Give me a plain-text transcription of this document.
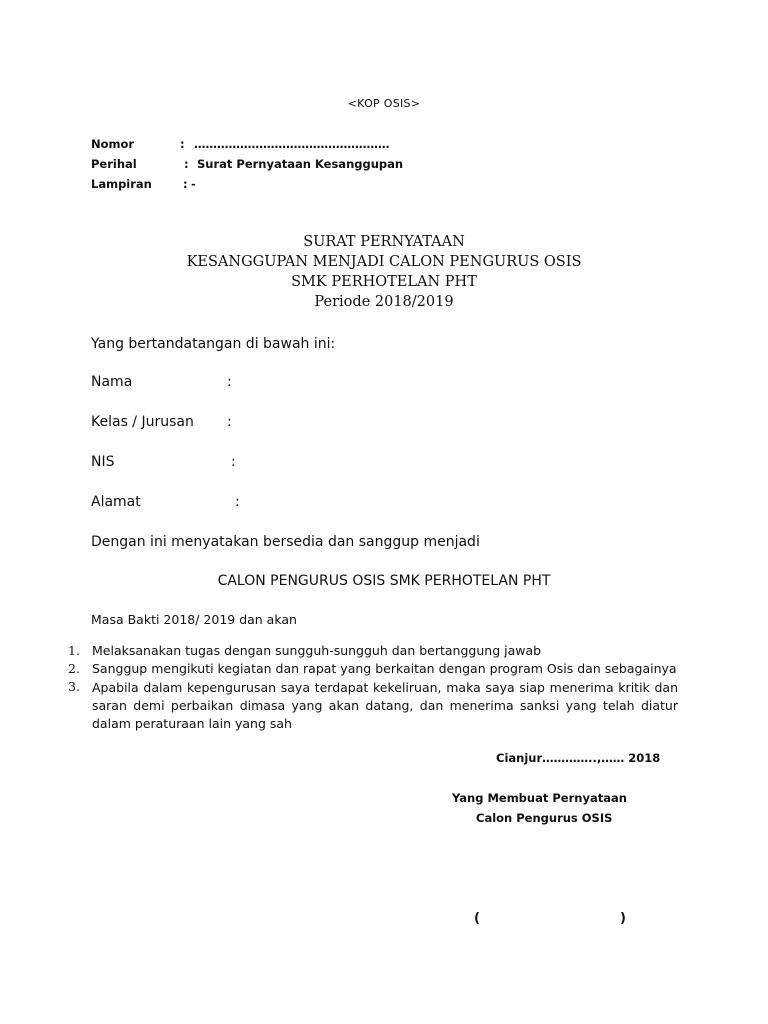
<KOP OSIS>
Nomor	: ……………………………………………
Perihal	: Surat Pernyataan Kesanggupan
Lampiran	: -
SURAT PERNYATAAN
KESANGGUPAN MENJADI CALON PENGURUS OSIS
SMK PERHOTELAN PHT
Periode 2018/2019
Yang bertandatangan di bawah ini:
Nama	:
Kelas / Jurusan :
NIS	:
Alamat	:
Dengan ini menyatakan bersedia dan sanggup menjadi
CALON PENGURUS OSIS SMK PERHOTELAN PHT
Masa Bakti 2018/ 2019 dan akan
1. Melaksanakan tugas dengan sungguh-sungguh dan bertanggung jawab
2. Sanggup mengikuti kegiatan dan rapat yang berkaitan dengan program Osis dan sebagainya
3. Apabila dalam kepengurusan saya terdapat kekeliruan, maka saya siap menerima kritik dan saran demi perbaikan dimasa yang akan datang, dan menerima sanksi yang telah diatur dalam peraturaan lain yang sah
Cianjur…………..,…… 2018
Yang Membuat Pernyataan
Calon Pengurus OSIS
(	)
